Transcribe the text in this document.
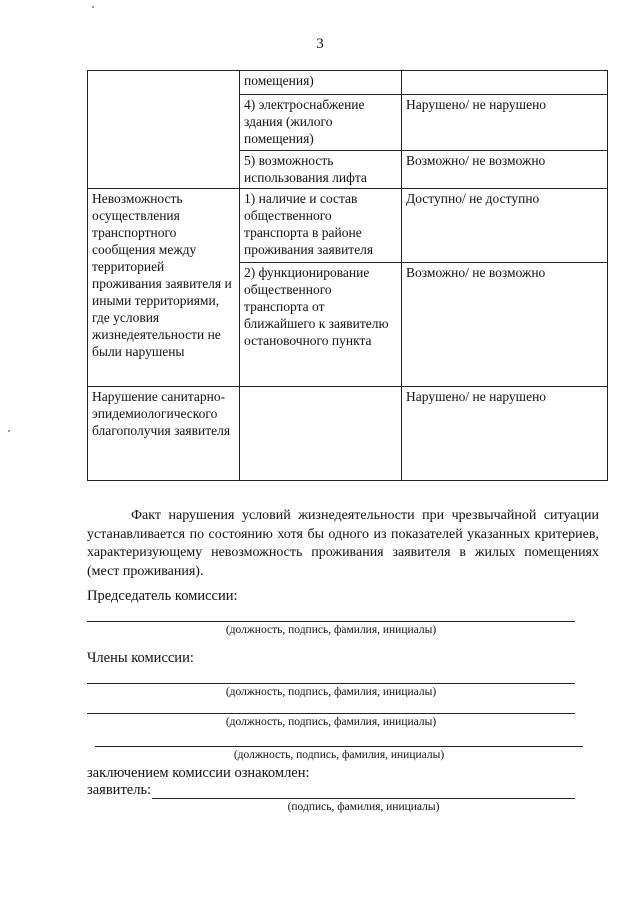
3
	помещения)	
	4) электроснабжение здания (жилого помещения)	Нарушено/ не нарушено
	5) возможность использования лифта	Возможно/ не возможно
Невозможность осуществления транспортного сообщения между территорией проживания заявителя и иными территориями, где условия жизнедеятельности не были нарушены	1) наличие и состав общественного транспорта в районе проживания заявителя	Доступно/ не доступно
	2) функционирование общественного транспорта от ближайшего к заявителю остановочного пункта	Возможно/ не возможно
Нарушение санитарно-эпидемиологического благополучия заявителя		Нарушено/ не нарушено
Факт нарушения условий жизнедеятельности при чрезвычайной ситуации устанавливается по состоянию хотя бы одного из показателей указанных критериев, характеризующему невозможность проживания заявителя в жилых помещениях (мест проживания).
Председатель комиссии:
(должность, подпись, фамилия, инициалы)
Члены комиссии:
(должность, подпись, фамилия, инициалы)
(должность, подпись, фамилия, инициалы)
(должность, подпись, фамилия, инициалы)
заключением комиссии ознакомлен:
заявитель:
(подпись, фамилия, инициалы)
